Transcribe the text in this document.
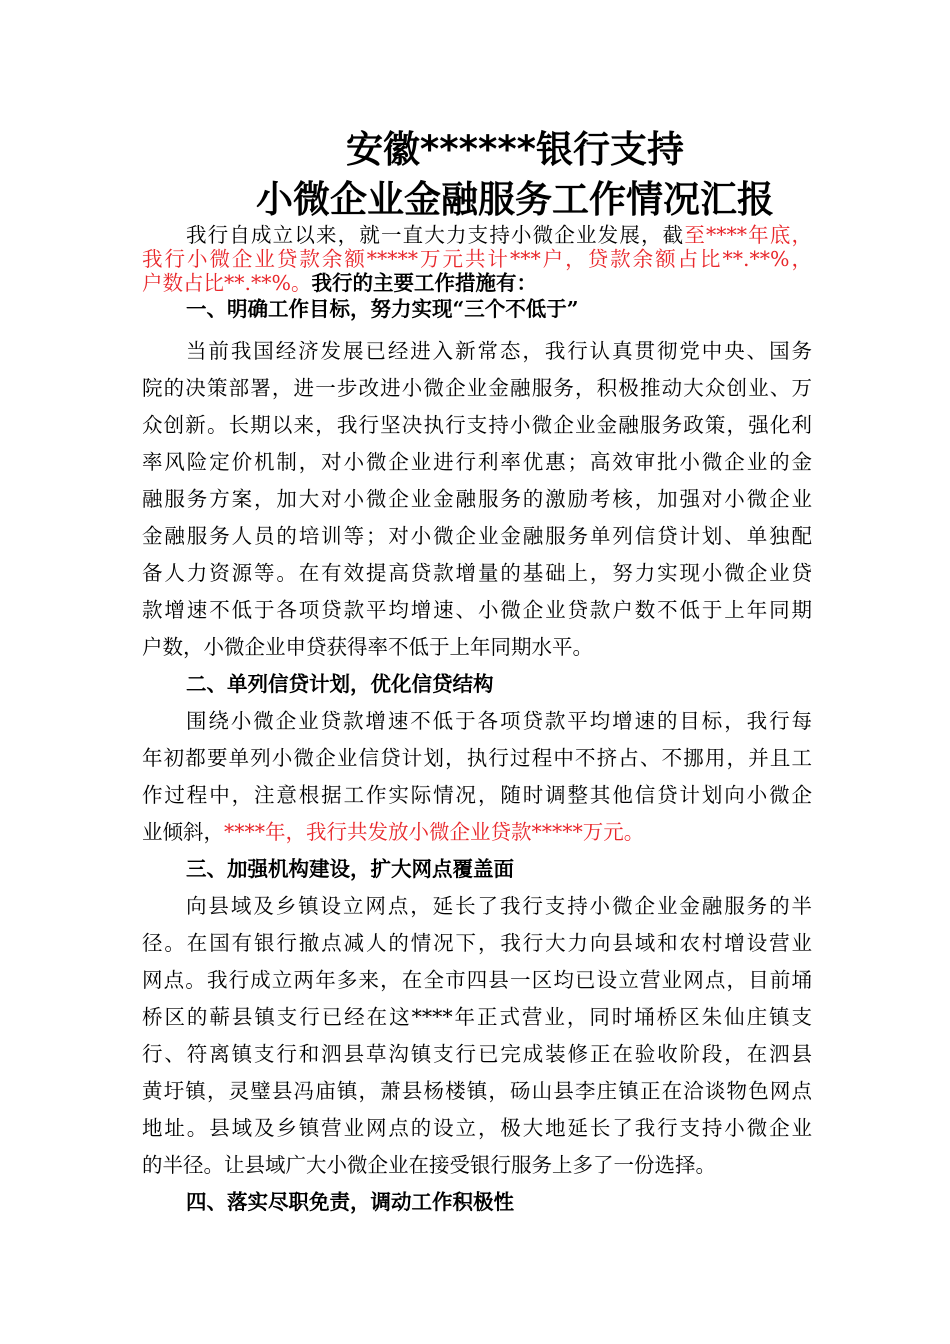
安徽******银行支持
小微企业金融服务工作情况汇报
我行自成立以来，就一直大力支持小微企业发展，截至****年底，
我行小微企业贷款余额*****万元共计***户，贷款余额占比**.**%，
户数占比**.**%。我行的主要工作措施有：
一、明确工作目标，努力实现“三个不低于”
当前我国经济发展已经进入新常态，我行认真贯彻党中央、国务
院的决策部署，进一步改进小微企业金融服务，积极推动大众创业、万
众创新。长期以来，我行坚决执行支持小微企业金融服务政策，强化利
率风险定价机制，对小微企业进行利率优惠；高效审批小微企业的金
融服务方案，加大对小微企业金融服务的激励考核，加强对小微企业
金融服务人员的培训等；对小微企业金融服务单列信贷计划、单独配
备人力资源等。在有效提高贷款增量的基础上，努力实现小微企业贷
款增速不低于各项贷款平均增速、小微企业贷款户数不低于上年同期
户数，小微企业申贷获得率不低于上年同期水平。
二、单列信贷计划，优化信贷结构
围绕小微企业贷款增速不低于各项贷款平均增速的目标，我行每
年初都要单列小微企业信贷计划，执行过程中不挤占、不挪用，并且工
作过程中，注意根据工作实际情况，随时调整其他信贷计划向小微企
业倾斜，****年，我行共发放小微企业贷款*****万元。
三、加强机构建设，扩大网点覆盖面
向县域及乡镇设立网点，延长了我行支持小微企业金融服务的半
径。在国有银行撤点减人的情况下，我行大力向县域和农村增设营业
网点。我行成立两年多来，在全市四县一区均已设立营业网点，目前埇
桥区的蕲县镇支行已经在这****年正式营业，同时埇桥区朱仙庄镇支
行、符离镇支行和泗县草沟镇支行已完成装修正在验收阶段，在泗县
黄圩镇，灵璧县冯庙镇，萧县杨楼镇，砀山县李庄镇正在洽谈物色网点
地址。县域及乡镇营业网点的设立，极大地延长了我行支持小微企业
的半径。让县域广大小微企业在接受银行服务上多了一份选择。
四、落实尽职免责，调动工作积极性
